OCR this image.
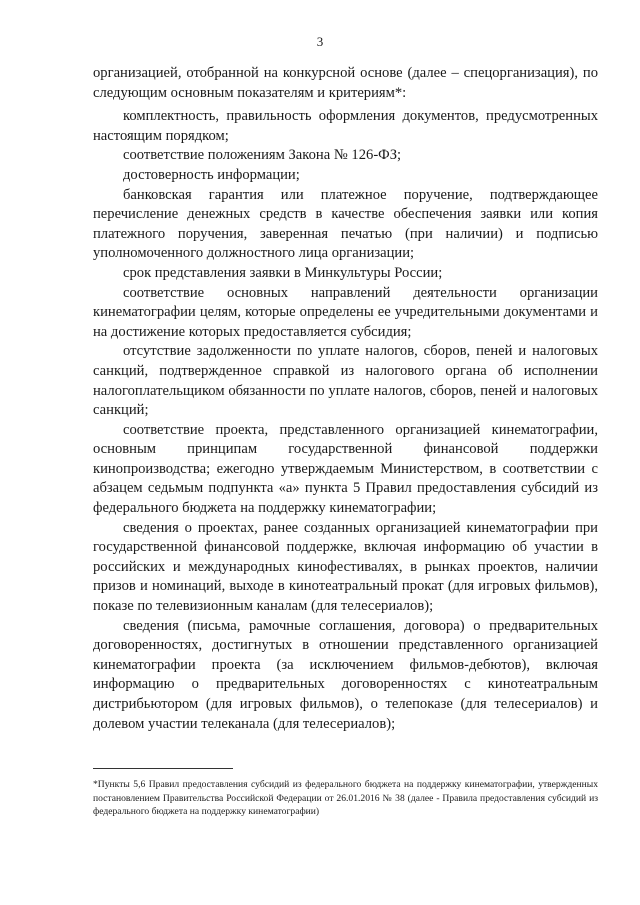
3

организацией, отобранной на конкурсной основе (далее – спецорганизация), по следующим основным показателям и критериям*:

комплектность, правильность оформления документов, предусмотренных настоящим порядком;

соответствие положениям Закона № 126-ФЗ;

достоверность информации;

банковская гарантия или платежное поручение, подтверждающее перечисление денежных средств в качестве обеспечения заявки или копия платежного поручения, заверенная печатью (при наличии) и подписью уполномоченного должностного лица организации;

срок представления заявки в Минкультуры России;

соответствие основных направлений деятельности организации кинематографии целям, которые определены ее учредительными документами и на достижение которых предоставляется субсидия;

отсутствие задолженности по уплате налогов, сборов, пеней и налоговых санкций, подтвержденное справкой из налогового органа об исполнении налогоплательщиком обязанности по уплате налогов, сборов, пеней и налоговых санкций;

соответствие проекта, представленного организацией кинематографии, основным принципам государственной финансовой поддержки кинопроизводства; ежегодно утверждаемым Министерством, в соответствии с абзацем седьмым подпункта «а» пункта 5 Правил предоставления субсидий из федерального бюджета на поддержку кинематографии;

сведения о проектах, ранее созданных организацией кинематографии при государственной финансовой поддержке, включая информацию об участии в российских и международных кинофестивалях, в рынках проектов, наличии призов и номинаций, выходе в кинотеатральный прокат (для игровых фильмов), показе по телевизионным каналам (для телесериалов);

сведения (письма, рамочные соглашения, договора) о предварительных договоренностях, достигнутых в отношении представленного организацией кинематографии проекта (за исключением фильмов-дебютов), включая информацию о предварительных договоренностях с кинотеатральным дистрибьютором (для игровых фильмов), о телепоказе (для телесериалов) и долевом участии телеканала (для телесериалов);

*Пункты 5,6 Правил предоставления субсидий из федерального бюджета на поддержку кинематографии, утвержденных постановлением Правительства Российской Федерации от 26.01.2016 № 38 (далее - Правила предоставления субсидий из федерального бюджета на поддержку кинематографии)
